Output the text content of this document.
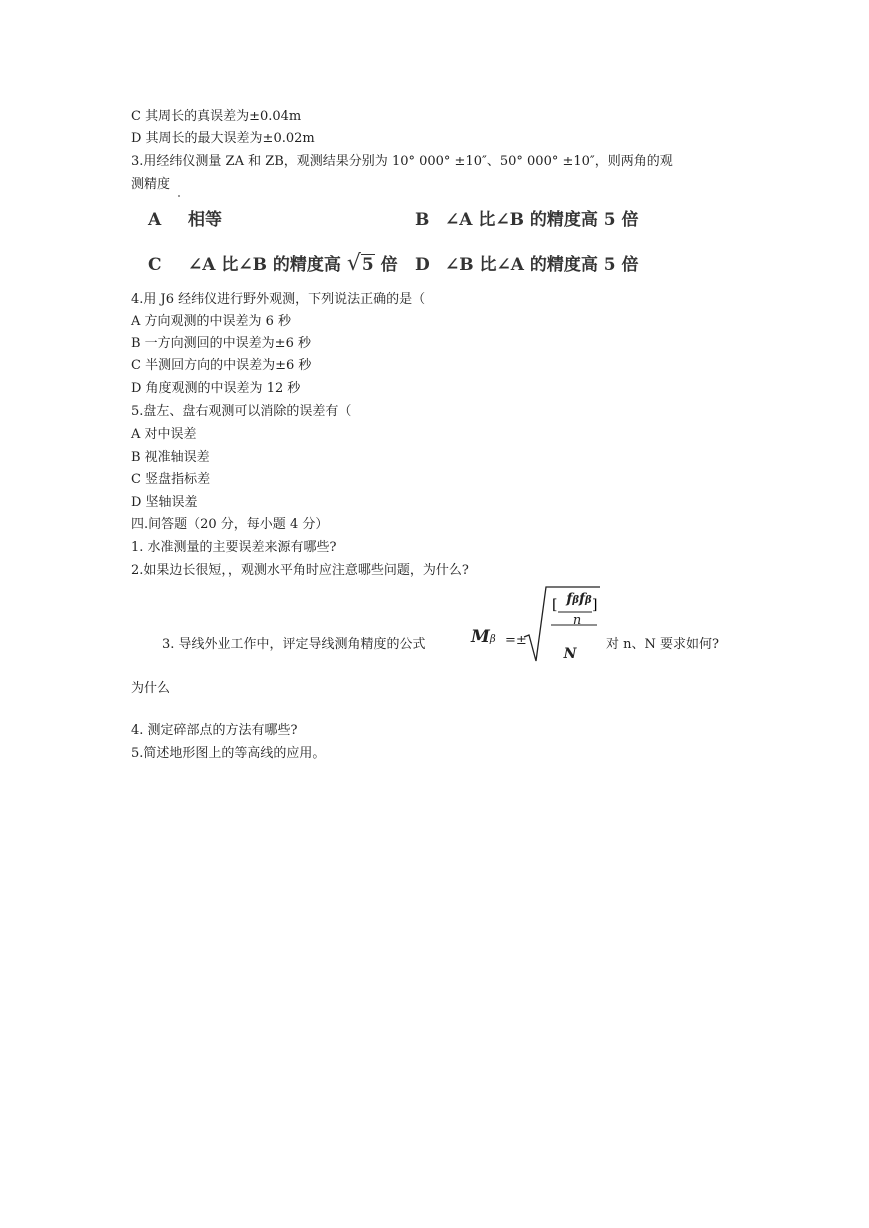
C 其周长的真误差为±0.04m
D 其周长的最大误差为±0.02m
3.用经纬仪测量 ZA 和 ZB，观测结果分别为 10° 000° ±10″、50° 000° ±10″，则两角的观
测精度
A 相等	B ∠A 比∠B 的精度高 5 倍
C ∠A 比∠B 的精度高 √5 倍 D ∠B 比∠A 的精度高 5 倍
4.用 J6 经纬仪进行野外观测，下列说法正确的是（
A 方向观测的中误差为 6 秒
B 一方向测回的中误差为±6 秒
C 半测回方向的中误差为±6 秒
D 角度观测的中误差为 12 秒
5.盘左、盘右观测可以消除的误差有（
A 对中误差
B 视准轴误差
C 竖盘指标差
D 坚轴误羞
四.间答题（20 分，每小题 4 分）
1. 水准测量的主要误差来源有哪些?
2.如果边长很短，，观测水平角时应注意哪些问题，为什么?
3. 导线外业工作中，评定导线测角精度的公式	Mβ =±
[ ]
fβfβ
n
N
对 n、N 要求如何?
为什么
4. 测定碎部点的方法有哪些?
5.简述地形图上的等高线的应用。
